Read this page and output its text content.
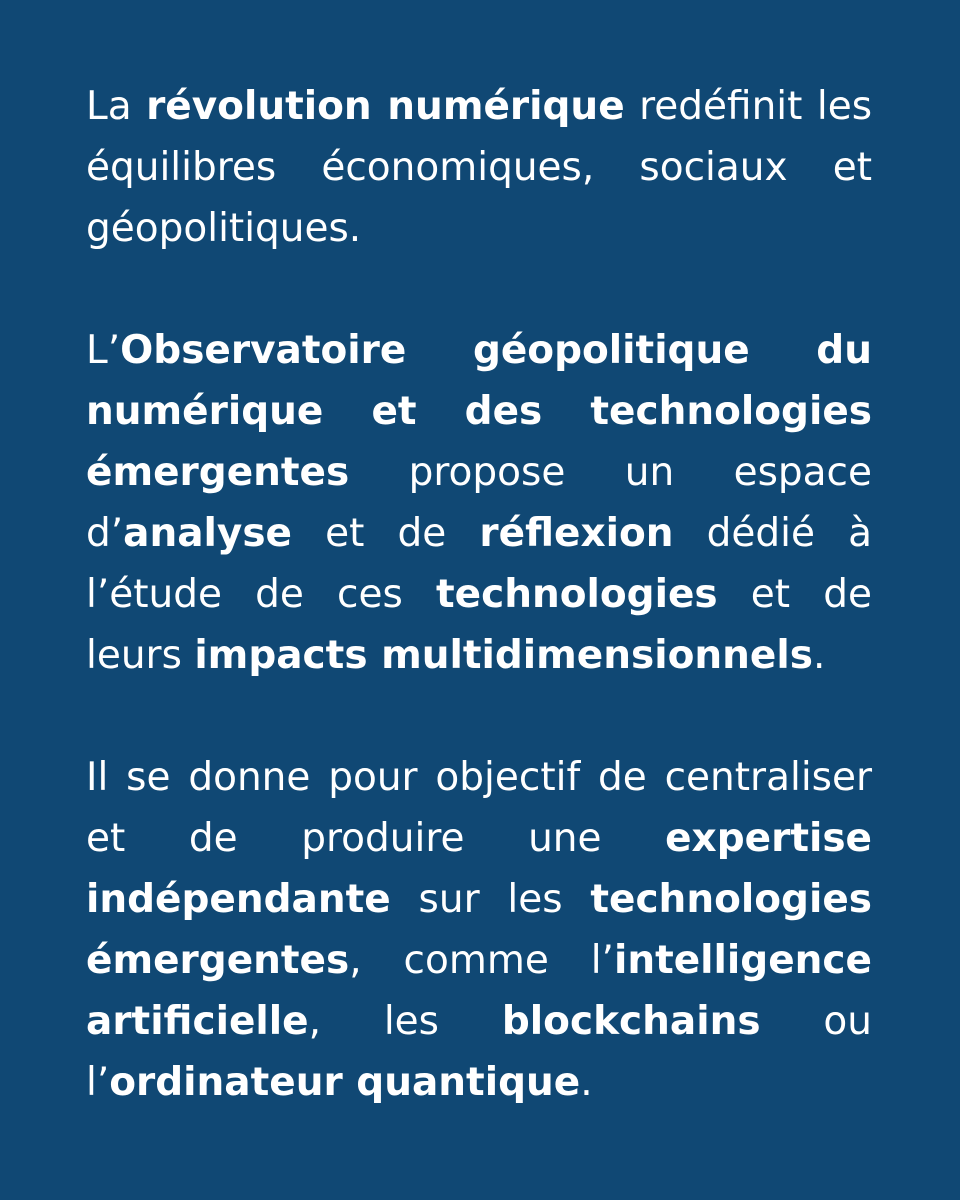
La révolution numérique redéfinit les équilibres économiques, sociaux et géopolitiques.

L’Observatoire géopolitique du numérique et des technologies émergentes propose un espace d’analyse et de réflexion dédié à l’étude de ces technologies et de leurs impacts multidimensionnels.

Il se donne pour objectif de centraliser et de produire une expertise indépendante sur les technologies émergentes, comme l’intelligence artificielle, les blockchains ou l’ordinateur quantique.
